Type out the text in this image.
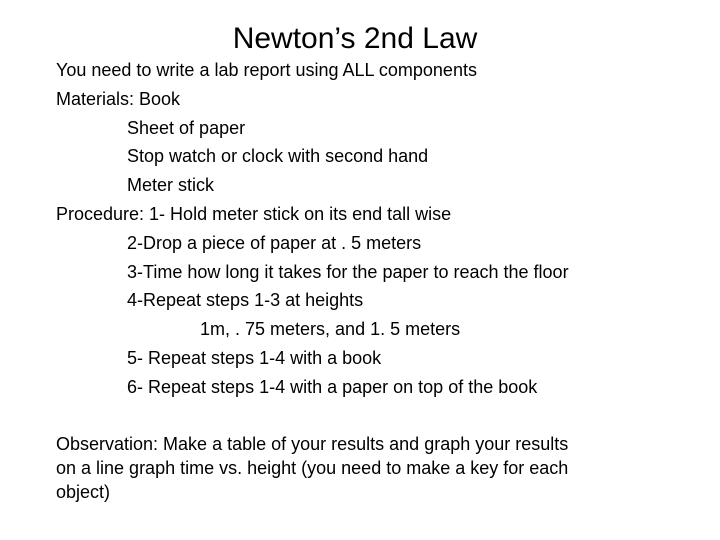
Newton’s 2nd Law
You need to write a lab report using ALL components
Materials: Book
Sheet of paper
Stop watch or clock with second hand
Meter stick
Procedure: 1- Hold meter stick on its end tall wise
2-Drop a piece of paper at . 5 meters
3-Time how long it takes for the paper to reach the floor
4-Repeat steps 1-3 at heights
1m, . 75 meters, and 1. 5 meters
5- Repeat steps 1-4 with a book
6- Repeat steps 1-4 with a paper on top of the book
Observation: Make a table of your results and graph your results
on a line graph time vs. height (you need to make a key for each
object)
